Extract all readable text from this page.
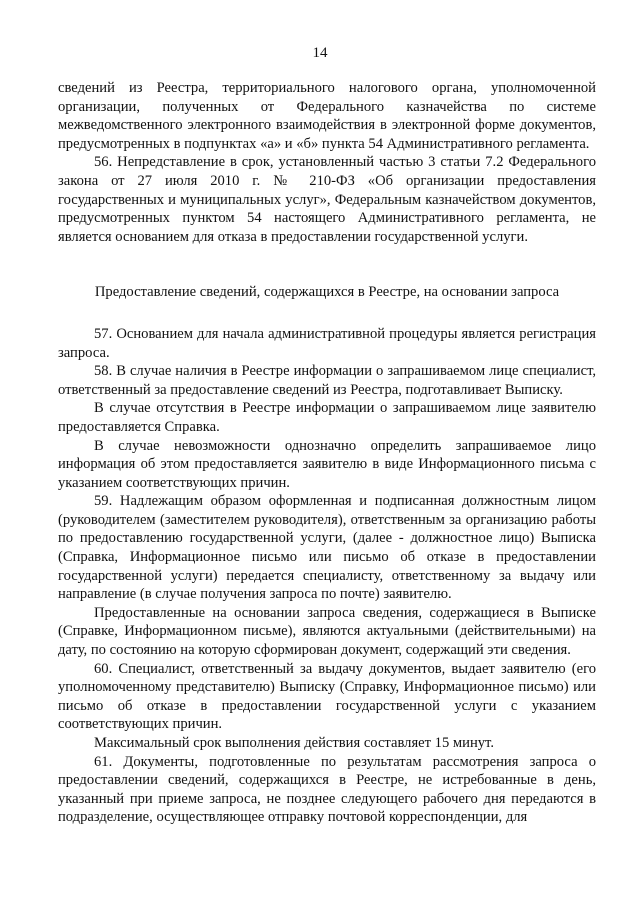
14

сведений из Реестра, территориального налогового органа, уполномоченной организации, полученных от Федерального казначейства по системе межведомственного электронного взаимодействия в электронной форме документов, предусмотренных в подпунктах «а» и «б» пункта 54 Административного регламента.

56. Непредставление в срок, установленный частью 3 статьи 7.2 Федерального закона от 27 июля 2010 г. № 210-ФЗ «Об организации предоставления государственных и муниципальных услуг», Федеральным казначейством документов, предусмотренных пунктом 54 настоящего Административного регламента, не является основанием для отказа в предоставлении государственной услуги.

Предоставление сведений, содержащихся в Реестре, на основании запроса

57. Основанием для начала административной процедуры является регистрация запроса.

58. В случае наличия в Реестре информации о запрашиваемом лице специалист, ответственный за предоставление сведений из Реестра, подготавливает Выписку.

В случае отсутствия в Реестре информации о запрашиваемом лице заявителю предоставляется Справка.

В случае невозможности однозначно определить запрашиваемое лицо информация об этом предоставляется заявителю в виде Информационного письма с указанием соответствующих причин.

59. Надлежащим образом оформленная и подписанная должностным лицом (руководителем (заместителем руководителя), ответственным за организацию работы по предоставлению государственной услуги, (далее - должностное лицо) Выписка (Справка, Информационное письмо или письмо об отказе в предоставлении государственной услуги) передается специалисту, ответственному за выдачу или направление (в случае получения запроса по почте) заявителю.

Предоставленные на основании запроса сведения, содержащиеся в Выписке (Справке, Информационном письме), являются актуальными (действительными) на дату, по состоянию на которую сформирован документ, содержащий эти сведения.

60. Специалист, ответственный за выдачу документов, выдает заявителю (его уполномоченному представителю) Выписку (Справку, Информационное письмо) или письмо об отказе в предоставлении государственной услуги с указанием соответствующих причин.

Максимальный срок выполнения действия составляет 15 минут.

61. Документы, подготовленные по результатам рассмотрения запроса о предоставлении сведений, содержащихся в Реестре, не истребованные в день, указанный при приеме запроса, не позднее следующего рабочего дня передаются в подразделение, осуществляющее отправку почтовой корреспонденции, для
